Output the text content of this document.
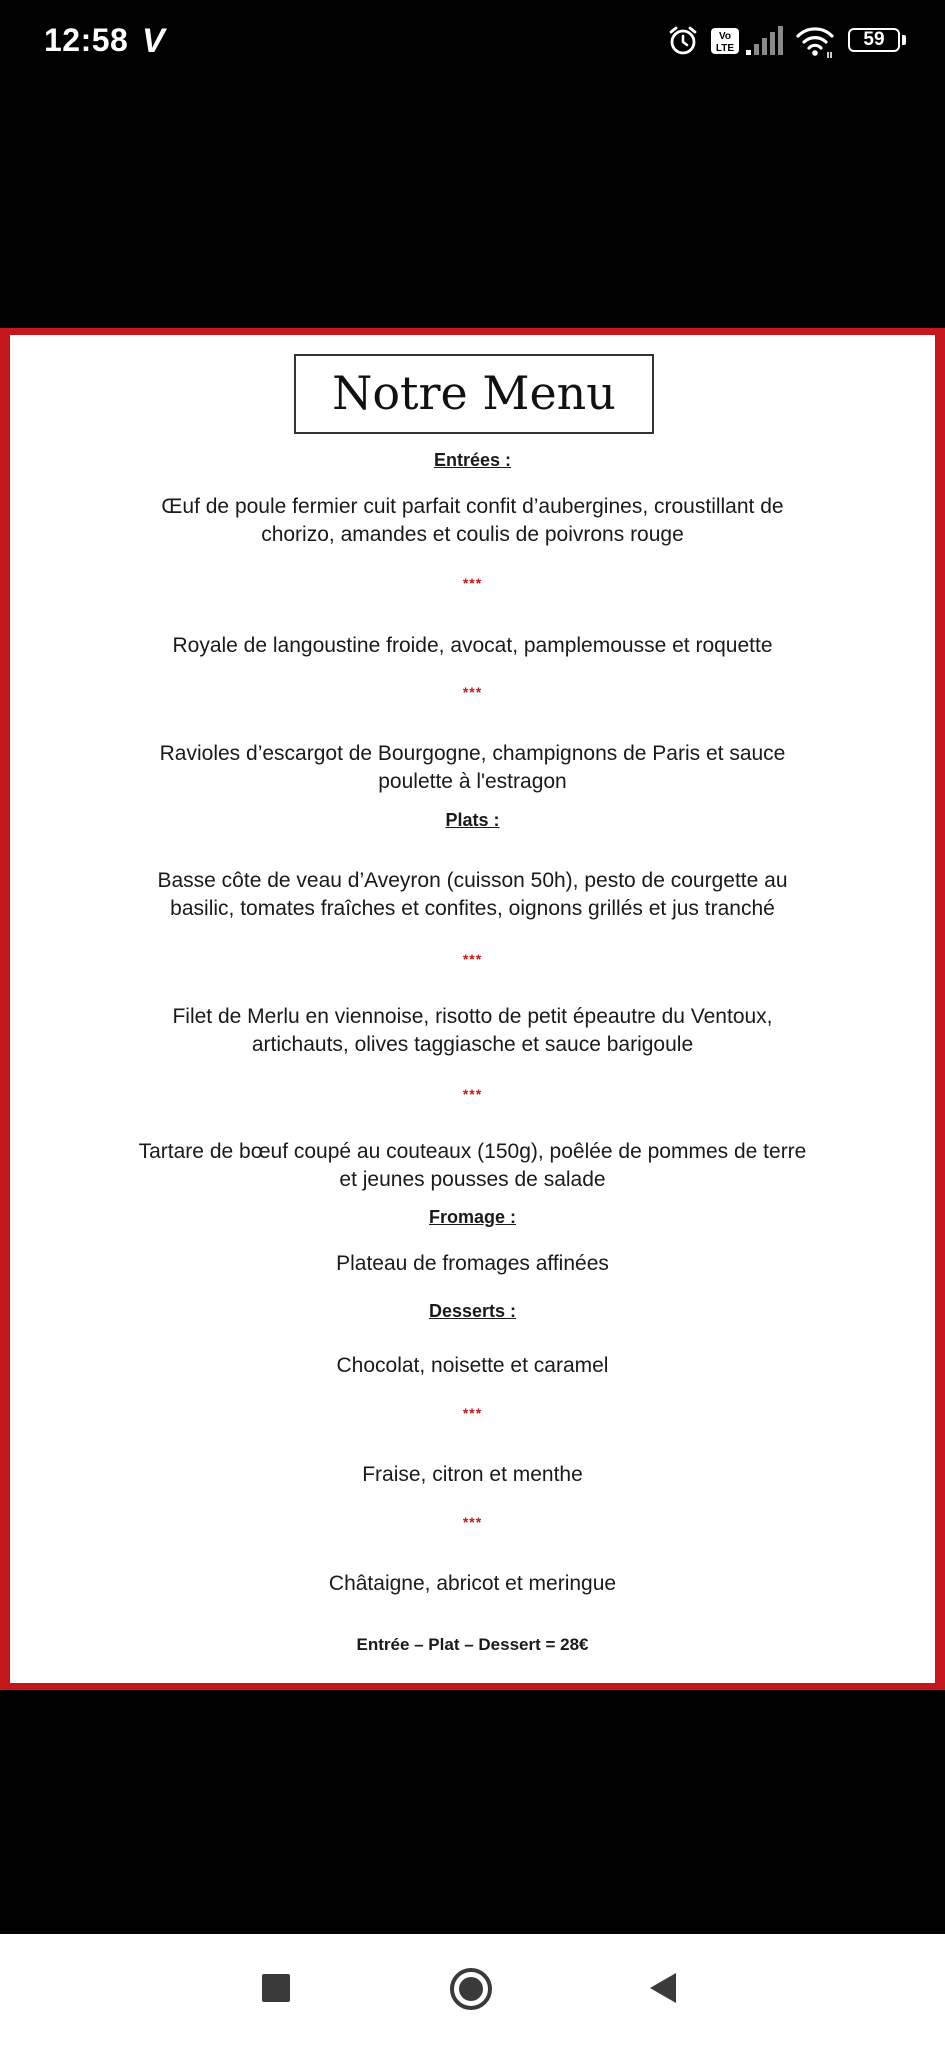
12:58 V	Vo
LTE	59
Notre Menu
Entrées :
Œuf de poule fermier cuit parfait confit d’aubergines, croustillant de chorizo, amandes et coulis de poivrons rouge
***
Royale de langoustine froide, avocat, pamplemousse et roquette
***
Ravioles d’escargot de Bourgogne, champignons de Paris et sauce poulette à l'estragon
Plats :
Basse côte de veau d’Aveyron (cuisson 50h), pesto de courgette au basilic, tomates fraîches et confites, oignons grillés et jus tranché
***
Filet de Merlu en viennoise, risotto de petit épeautre du Ventoux, artichauts, olives taggiasche et sauce barigoule
***
Tartare de bœuf coupé au couteaux (150g), poêlée de pommes de terre et jeunes pousses de salade
Fromage :
Plateau de fromages affinées
Desserts :
Chocolat, noisette et caramel
***
Fraise, citron et menthe
***
Châtaigne, abricot et meringue
Entrée – Plat – Dessert = 28€
